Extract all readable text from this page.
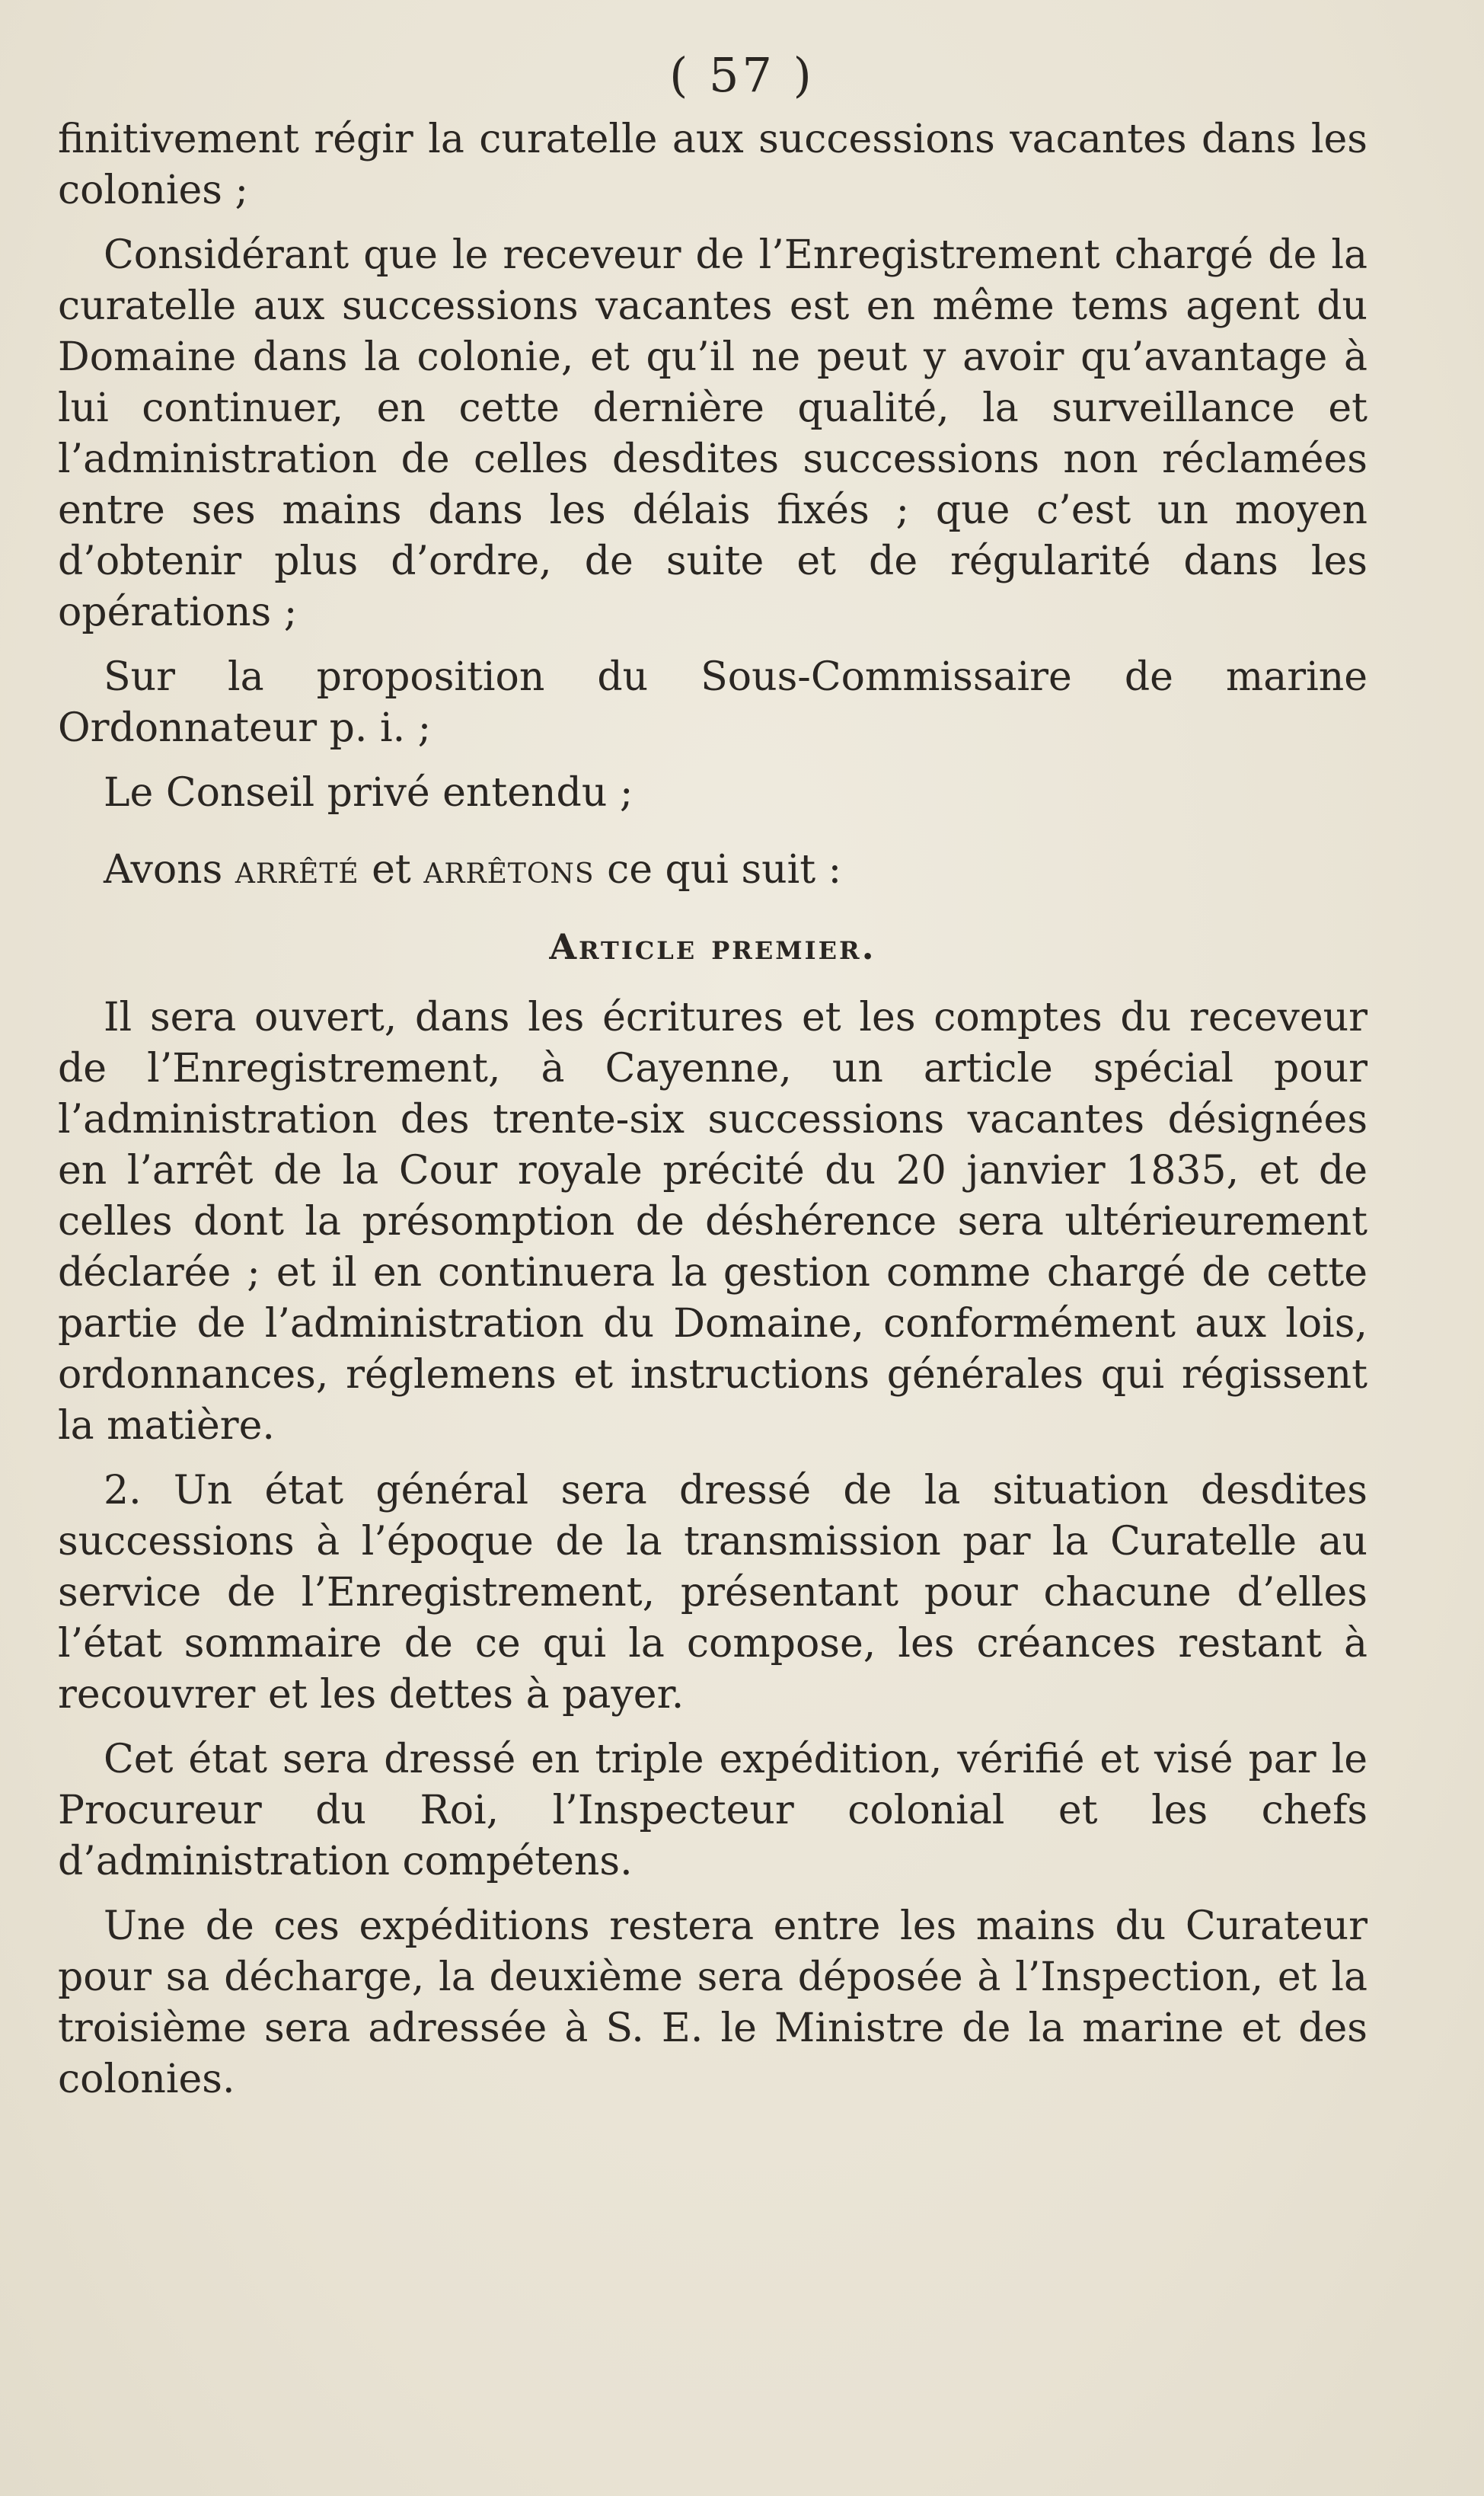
( 57 )

finitivement régir la curatelle aux successions vacantes dans les colonies ;

Considérant que le receveur de l’Enregistrement chargé de la curatelle aux successions vacantes est en même tems agent du Domaine dans la colonie, et qu’il ne peut y avoir qu’avantage à lui continuer, en cette dernière qualité, la surveillance et l’administration de celles desdites successions non réclamées entre ses mains dans les délais fixés ; que c’est un moyen d’obtenir plus d’ordre, de suite et de régularité dans les opérations ;

Sur la proposition du Sous-Commissaire de marine Ordonnateur p. i. ;

Le Conseil privé entendu ;

Avons arrêté et arrêtons ce qui suit :

Article premier.

Il sera ouvert, dans les écritures et les comptes du receveur de l’Enregistrement, à Cayenne, un article spécial pour l’administration des trente-six successions vacantes désignées en l’arrêt de la Cour royale précité du 20 janvier 1835, et de celles dont la présomption de déshérence sera ultérieurement déclarée ; et il en continuera la gestion comme chargé de cette partie de l’administration du Domaine, conformément aux lois, ordonnances, réglemens et instructions générales qui régissent la matière.

2. Un état général sera dressé de la situation desdites successions à l’époque de la transmission par la Curatelle au service de l’Enregistrement, présentant pour chacune d’elles l’état sommaire de ce qui la compose, les créances restant à recouvrer et les dettes à payer.

Cet état sera dressé en triple expédition, vérifié et visé par le Procureur du Roi, l’Inspecteur colonial et les chefs d’administration compétens.

Une de ces expéditions restera entre les mains du Curateur pour sa décharge, la deuxième sera déposée à l’Inspection, et la troisième sera adressée à S. E. le Ministre de la marine et des colonies.
